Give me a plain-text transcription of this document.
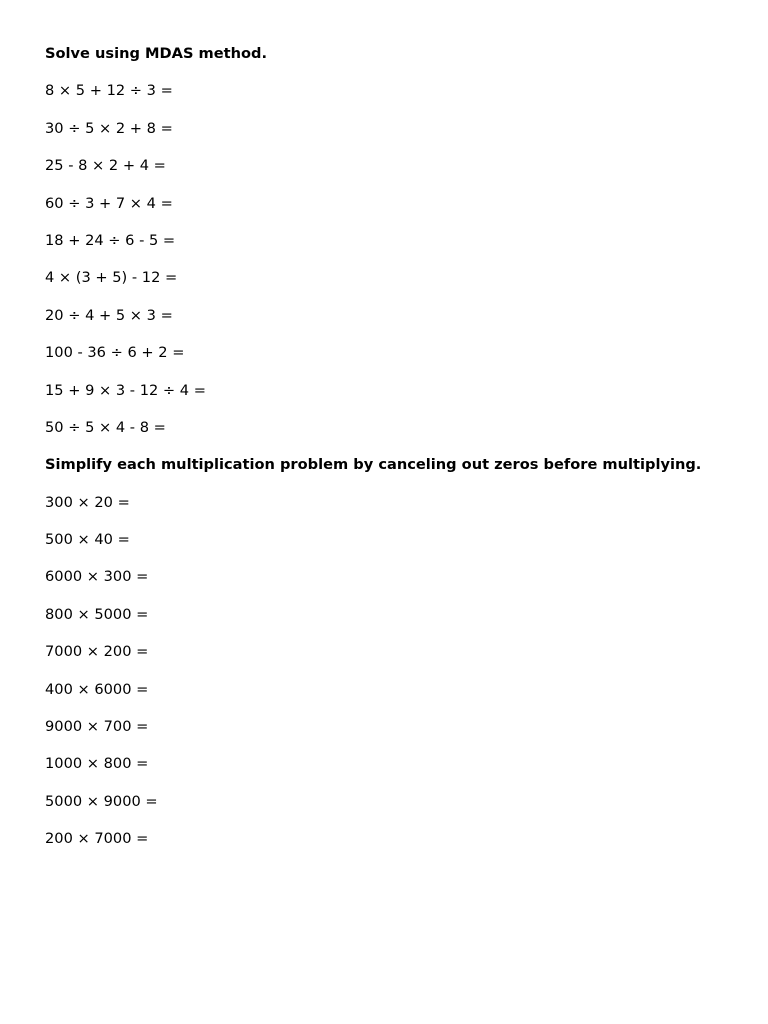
Solve using MDAS method.
8 × 5 + 12 ÷ 3 =
30 ÷ 5 × 2 + 8 =
25 - 8 × 2 + 4 =
60 ÷ 3 + 7 × 4 =
18 + 24 ÷ 6 - 5 =
4 × (3 + 5) - 12 =
20 ÷ 4 + 5 × 3 =
100 - 36 ÷ 6 + 2 =
15 + 9 × 3 - 12 ÷ 4 =
50 ÷ 5 × 4 - 8 =
Simplify each multiplication problem by canceling out zeros before multiplying.
300 × 20 =
500 × 40 =
6000 × 300 =
800 × 5000 =
7000 × 200 =
400 × 6000 =
9000 × 700 =
1000 × 800 =
5000 × 9000 =
200 × 7000 =
